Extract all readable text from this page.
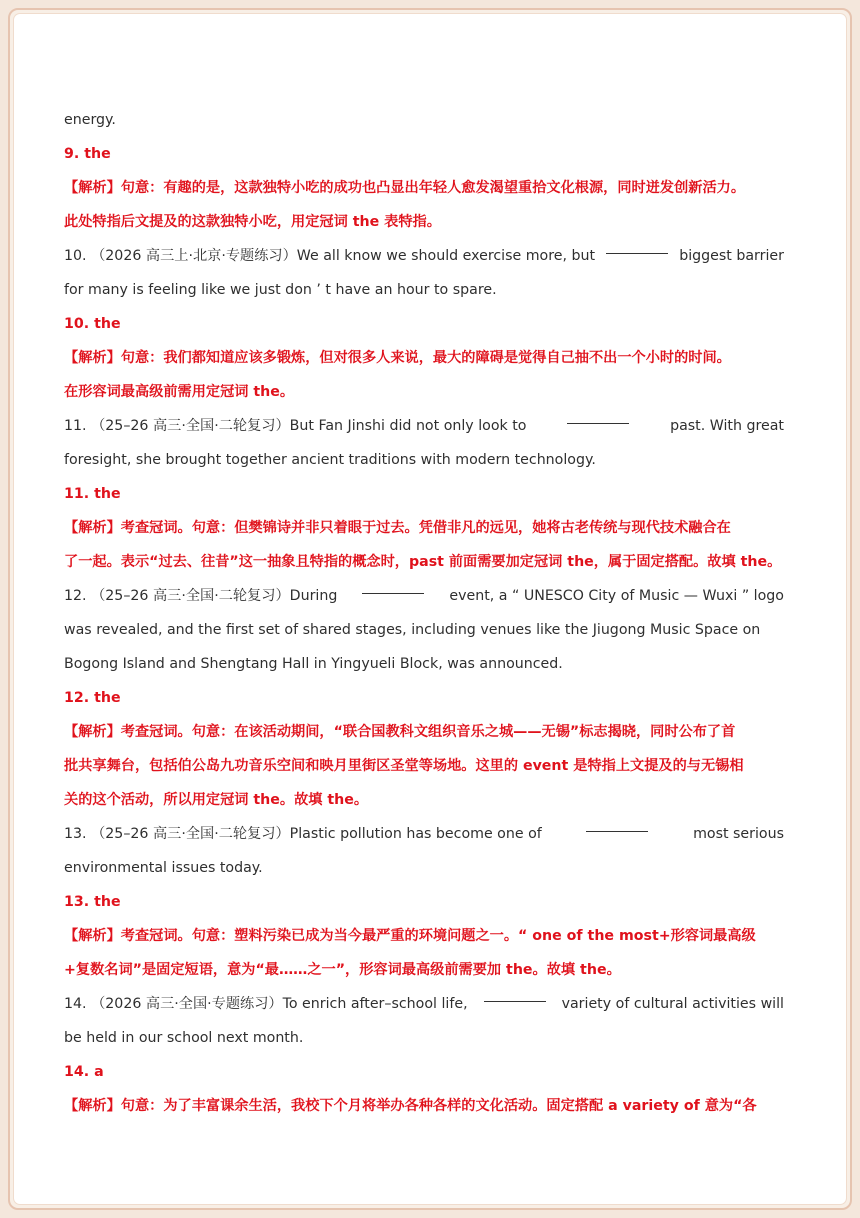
energy.
9. the
【解析】句意：有趣的是，这款独特小吃的成功也凸显出年轻人愈发渴望重拾文化根源，同时迸发创新活力。
此处特指后文提及的这款独特小吃，用定冠词 the 表特指。
10. （2026 高三上·北京·专题练习）We all know we should exercise more, but	biggest barrier
for many is feeling like we just don ’ t have an hour to spare.
10. the
【解析】句意：我们都知道应该多锻炼，但对很多人来说，最大的障碍是觉得自己抽不出一个小时的时间。
在形容词最高级前需用定冠词 the。
11. （25–26 高三·全国·二轮复习）But Fan Jinshi did not only look to	past. With great
foresight, she brought together ancient traditions with modern technology.
11. the
【解析】考查冠词。句意：但樊锦诗并非只着眼于过去。凭借非凡的远见，她将古老传统与现代技术融合在
了一起。表示“过去、往昔”这一抽象且特指的概念时，past 前面需要加定冠词 the，属于固定搭配。故填 the。
12. （25–26 高三·全国·二轮复习）During	event, a “ UNESCO City of Music — Wuxi ” logo
was revealed, and the first set of shared stages, including venues like the Jiugong Music Space on
Bogong Island and Shengtang Hall in Yingyueli Block, was announced.
12. the
【解析】考查冠词。句意：在该活动期间，“联合国教科文组织音乐之城——无锡”标志揭晓，同时公布了首
批共享舞台，包括伯公岛九功音乐空间和映月里街区圣堂等场地。这里的 event 是特指上文提及的与无锡相
关的这个活动，所以用定冠词 the。故填 the。
13. （25–26 高三·全国·二轮复习）Plastic pollution has become one of	most serious
environmental issues today.
13. the
【解析】考查冠词。句意：塑料污染已成为当今最严重的环境问题之一。“ one of the most+形容词最高级
+复数名词”是固定短语，意为“最……之一”，形容词最高级前需要加 the。故填 the。
14. （2026 高三·全国·专题练习）To enrich after–school life,	variety of cultural activities will
be held in our school next month.
14. a
【解析】句意：为了丰富课余生活，我校下个月将举办各种各样的文化活动。固定搭配 a variety of 意为“各
